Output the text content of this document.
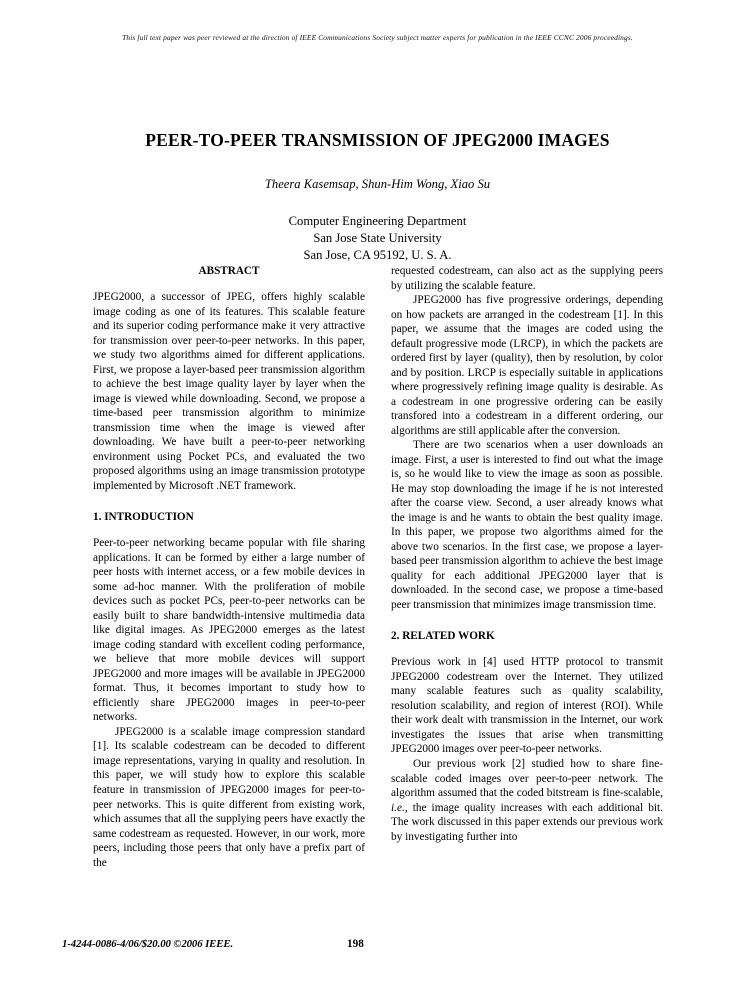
This full text paper was peer reviewed at the direction of IEEE Communications Society subject matter experts for publication in the IEEE CCNC 2006 proceedings.
PEER-TO-PEER TRANSMISSION OF JPEG2000 IMAGES
Theera Kasemsap, Shun-Him Wong, Xiao Su
Computer Engineering Department
San Jose State University
San Jose, CA 95192, U. S. A.
ABSTRACT

JPEG2000, a successor of JPEG, offers highly scalable image coding as one of its features. This scalable feature and its superior coding performance make it very attractive for transmission over peer-to-peer networks. In this paper, we study two algorithms aimed for different applications. First, we propose a layer-based peer transmission algorithm to achieve the best image quality layer by layer when the image is viewed while downloading. Second, we propose a time-based peer transmission algorithm to minimize transmission time when the image is viewed after downloading. We have built a peer-to-peer networking environment using Pocket PCs, and evaluated the two proposed algorithms using an image transmission prototype implemented by Microsoft .NET framework.

1. INTRODUCTION

Peer-to-peer networking became popular with file sharing applications. It can be formed by either a large number of peer hosts with internet access, or a few mobile devices in some ad-hoc manner. With the proliferation of mobile devices such as pocket PCs, peer-to-peer networks can be easily built to share bandwidth-intensive multimedia data like digital images. As JPEG2000 emerges as the latest image coding standard with excellent coding performance, we believe that more mobile devices will support JPEG2000 and more images will be available in JPEG2000 format. Thus, it becomes important to study how to efficiently share JPEG2000 images in peer-to-peer networks.

JPEG2000 is a scalable image compression standard [1]. Its scalable codestream can be decoded to different image representations, varying in quality and resolution. In this paper, we will study how to explore this scalable feature in transmission of JPEG2000 images for peer-to-peer networks. This is quite different from existing work, which assumes that all the supplying peers have exactly the same codestream as requested. However, in our work, more peers, including those peers that only have a prefix part of the

requested codestream, can also act as the supplying peers by utilizing the scalable feature.

JPEG2000 has five progressive orderings, depending on how packets are arranged in the codestream [1]. In this paper, we assume that the images are coded using the default progressive mode (LRCP), in which the packets are ordered first by layer (quality), then by resolution, by color and by position. LRCP is especially suitable in applications where progressively refining image quality is desirable. As a codestream in one progressive ordering can be easily transfored into a codestream in a different ordering, our algorithms are still applicable after the conversion.

There are two scenarios when a user downloads an image. First, a user is interested to find out what the image is, so he would like to view the image as soon as possible. He may stop downloading the image if he is not interested after the coarse view. Second, a user already knows what the image is and he wants to obtain the best quality image. In this paper, we propose two algorithms aimed for the above two scenarios. In the first case, we propose a layer-based peer transmission algorithm to achieve the best image quality for each additional JPEG2000 layer that is downloaded. In the second case, we propose a time-based peer transmission that minimizes image transmission time.

2. RELATED WORK

Previous work in [4] used HTTP protocol to transmit JPEG2000 codestream over the Internet. They utilized many scalable features such as quality scalability, resolution scalability, and region of interest (ROI). While their work dealt with transmission in the Internet, our work investigates the issues that arise when transmitting JPEG2000 images over peer-to-peer networks.

Our previous work [2] studied how to share fine-scalable coded images over peer-to-peer network. The algorithm assumed that the coded bitstream is fine-scalable, i.e., the image quality increases with each additional bit. The work discussed in this paper extends our previous work by investigating further into

1-4244-0086-4/06/$20.00 ©2006 IEEE.	198
